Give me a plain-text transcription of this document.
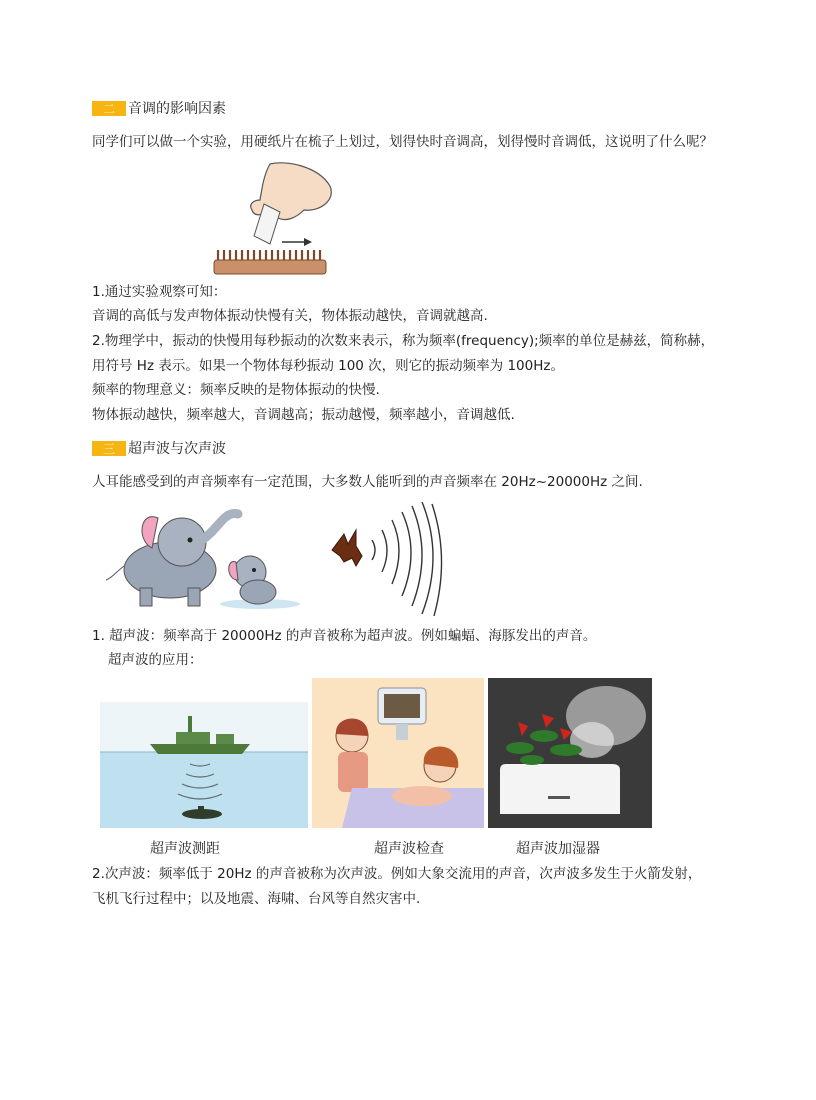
二 音调的影响因素
同学们可以做一个实验，用硬纸片在梳子上划过，划得快时音调高，划得慢时音调低，这说明了什么呢？
1.通过实验观察可知：
音调的高低与发声物体振动快慢有关，物体振动越快，音调就越高.
2.物理学中，振动的快慢用每秒振动的次数来表示，称为频率(frequency);频率的单位是赫兹，简称赫，
用符号 Hz 表示。如果一个物体每秒振动 100 次，则它的振动频率为 100Hz。
频率的物理意义：频率反映的是物体振动的快慢.
物体振动越快，频率越大，音调越高；振动越慢，频率越小，音调越低.
三 超声波与次声波
人耳能感受到的声音频率有一定范围，大多数人能听到的声音频率在 20Hz~20000Hz 之间.
1. 超声波：频率高于 20000Hz 的声音被称为超声波。例如蝙蝠、海豚发出的声音。
超声波的应用：
超声波测距	超声波检查	超声波加湿器
2.次声波：频率低于 20Hz 的声音被称为次声波。例如大象交流用的声音，次声波多发生于火箭发射，
飞机飞行过程中；以及地震、海啸、台风等自然灾害中.
